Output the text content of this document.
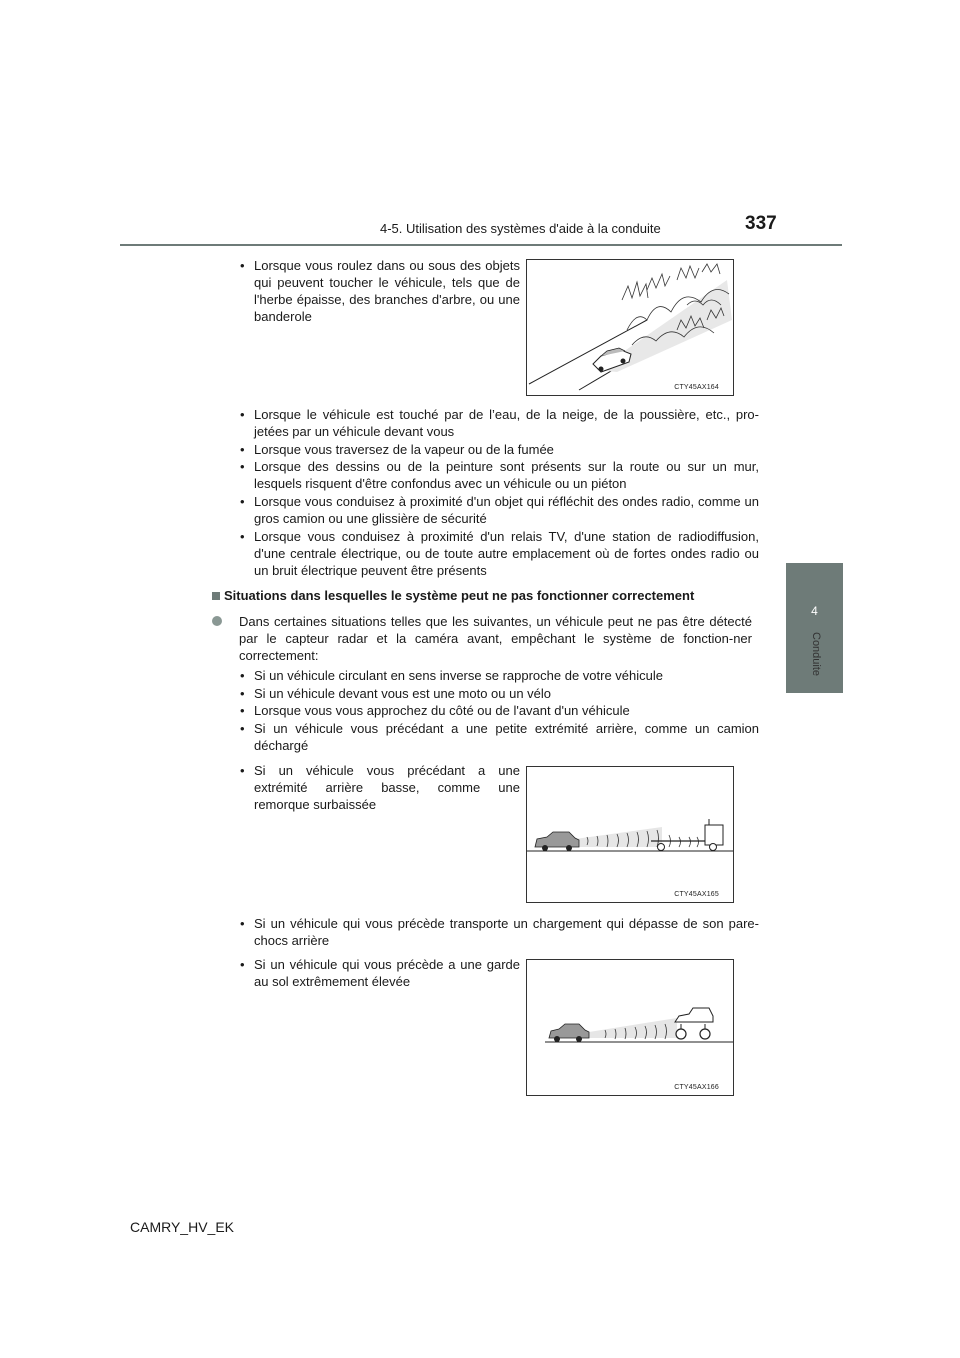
4-5. Utilisation des systèmes d'aide à la conduite	337
4
Conduite
• Lorsque vous roulez dans ou sous des objets qui peuvent toucher le véhicule, tels que de l'herbe épaisse, des branches d'arbre, ou une banderole
CTY45AX164
• Lorsque le véhicule est touché par de l’eau, de la neige, de la poussière, etc., pro-jetées par un véhicule devant vous
• Lorsque vous traversez de la vapeur ou de la fumée
• Lorsque des dessins ou de la peinture sont présents sur la route ou sur un mur, lesquels risquent d'être confondus avec un véhicule ou un piéton
• Lorsque vous conduisez à proximité d'un objet qui réfléchit des ondes radio, comme un gros camion ou une glissière de sécurité
• Lorsque vous conduisez à proximité d'un relais TV, d'une station de radiodiffusion, d'une centrale électrique, ou de toute autre emplacement où de fortes ondes radio ou un bruit électrique peuvent être présents
Situations dans lesquelles le système peut ne pas fonctionner correctement
Dans certaines situations telles que les suivantes, un véhicule peut ne pas être détecté par le capteur radar et la caméra avant, empêchant le système de fonction-ner correctement:
• Si un véhicule circulant en sens inverse se rapproche de votre véhicule
• Si un véhicule devant vous est une moto ou un vélo
• Lorsque vous vous approchez du côté ou de l'avant d'un véhicule
• Si un véhicule vous précédant a une petite extrémité arrière, comme un camion déchargé
• Si un véhicule vous précédant a une extrémité arrière basse, comme une remorque surbaissée
CTY45AX165
• Si un véhicule qui vous précède transporte un chargement qui dépasse de son pare-chocs arrière
• Si un véhicule qui vous précède a une garde au sol extrêmement élevée
CTY45AX166
CAMRY_HV_EK
